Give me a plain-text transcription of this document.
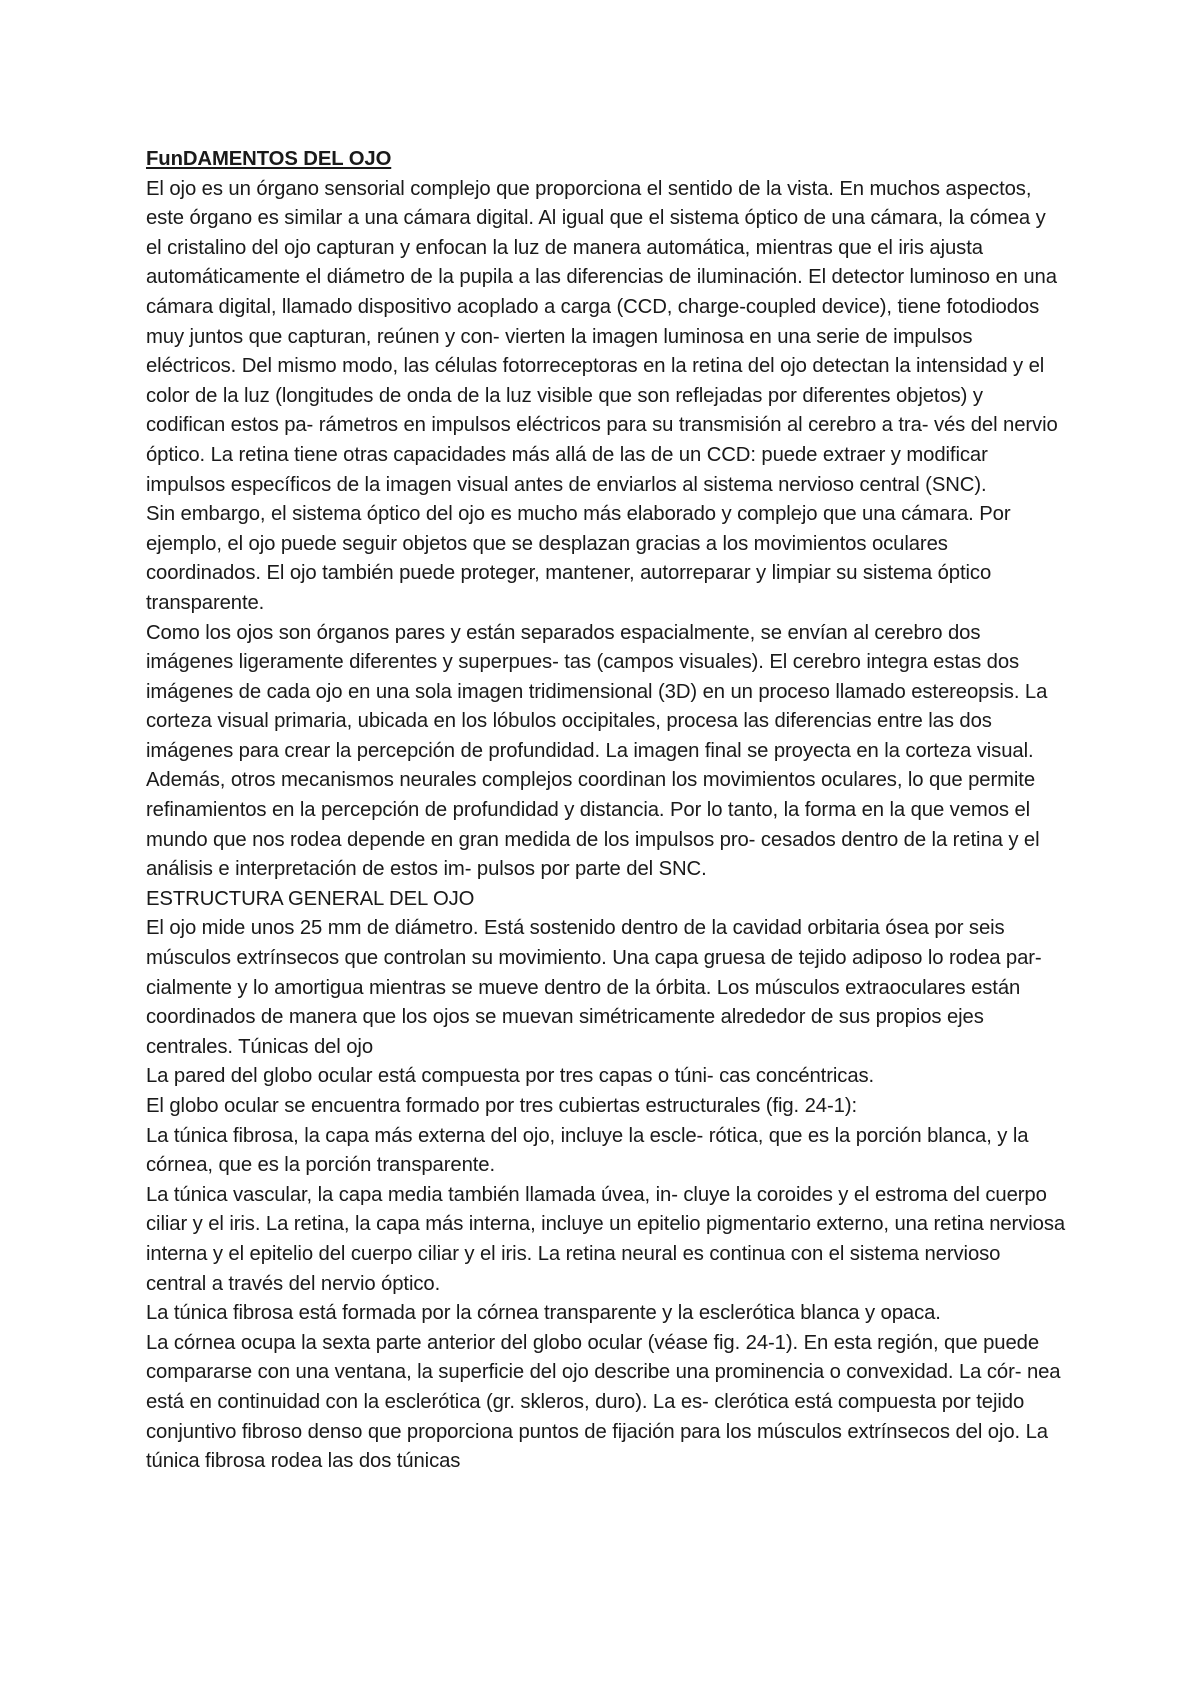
FunDAMENTOS DEL OJO

El ojo es un órgano sensorial complejo que proporciona el sentido de la vista. En muchos aspectos, este órgano es similar a una cámara digital. Al igual que el sistema óptico de una cámara, la cómea y el cristalino del ojo capturan y enfocan la luz de manera automática, mientras que el iris ajusta automáticamente el diámetro de la pupila a las diferencias de iluminación. El detector luminoso en una cámara digital, llamado dispositivo acoplado a carga (CCD, charge-coupled device), tiene fotodiodos muy juntos que capturan, reúnen y con- vierten la imagen luminosa en una serie de impulsos eléctricos. Del mismo modo, las células fotorreceptoras en la retina del ojo detectan la intensidad y el color de la luz (longitudes de onda de la luz visible que son reflejadas por diferentes objetos) y codifican estos pa- rámetros en impulsos eléctricos para su transmisión al cerebro a tra- vés del nervio óptico. La retina tiene otras capacidades más allá de las de un CCD: puede extraer y modificar impulsos específicos de la imagen visual antes de enviarlos al sistema nervioso central (SNC).

Sin embargo, el sistema óptico del ojo es mucho más elaborado y complejo que una cámara. Por ejemplo, el ojo puede seguir objetos que se desplazan gracias a los movimientos oculares coordinados. El ojo también puede proteger, mantener, autorreparar y limpiar su sistema óptico transparente.

Como los ojos son órganos pares y están separados espacialmente, se envían al cerebro dos imágenes ligeramente diferentes y superpues- tas (campos visuales). El cerebro integra estas dos imágenes de cada ojo en una sola imagen tridimensional (3D) en un proceso llamado estereopsis. La corteza visual primaria, ubicada en los lóbulos occipitales, procesa las diferencias entre las dos imágenes para crear la percepción de profundidad. La imagen final se proyecta en la corteza visual. Además, otros mecanismos neurales complejos coordinan los movimientos oculares, lo que permite refinamientos en la percepción de profundidad y distancia. Por lo tanto, la forma en la que vemos el mundo que nos rodea depende en gran medida de los impulsos pro- cesados dentro de la retina y el análisis e interpretación de estos im- pulsos por parte del SNC.

ESTRUCTURA GENERAL DEL OJO

El ojo mide unos 25 mm de diámetro. Está sostenido dentro de la cavidad orbitaria ósea por seis músculos extrínsecos que controlan su movimiento. Una capa gruesa de tejido adiposo lo rodea par- cialmente y lo amortigua mientras se mueve dentro de la órbita. Los músculos extraoculares están coordinados de manera que los ojos se muevan simétricamente alrededor de sus propios ejes centrales. Túnicas del ojo

La pared del globo ocular está compuesta por tres capas o túni- cas concéntricas.

El globo ocular se encuentra formado por tres cubiertas estructurales (fig. 24-1):

La túnica fibrosa, la capa más externa del ojo, incluye la escle- rótica, que es la porción blanca, y la córnea, que es la porción transparente.

La túnica vascular, la capa media también llamada úvea, in- cluye la coroides y el estroma del cuerpo ciliar y el iris. La retina, la capa más interna, incluye un epitelio pigmentario externo, una retina nerviosa interna y el epitelio del cuerpo ciliar y el iris. La retina neural es continua con el sistema nervioso central a través del nervio óptico.

La túnica fibrosa está formada por la córnea transparente y la esclerótica blanca y opaca.

La córnea ocupa la sexta parte anterior del globo ocular (véase fig. 24-1). En esta región, que puede compararse con una ventana, la superficie del ojo describe una prominencia o convexidad. La cór- nea está en continuidad con la esclerótica (gr. skleros, duro). La es- clerótica está compuesta por tejido conjuntivo fibroso denso que proporciona puntos de fijación para los músculos extrínsecos del ojo. La túnica fibrosa rodea las dos túnicas
